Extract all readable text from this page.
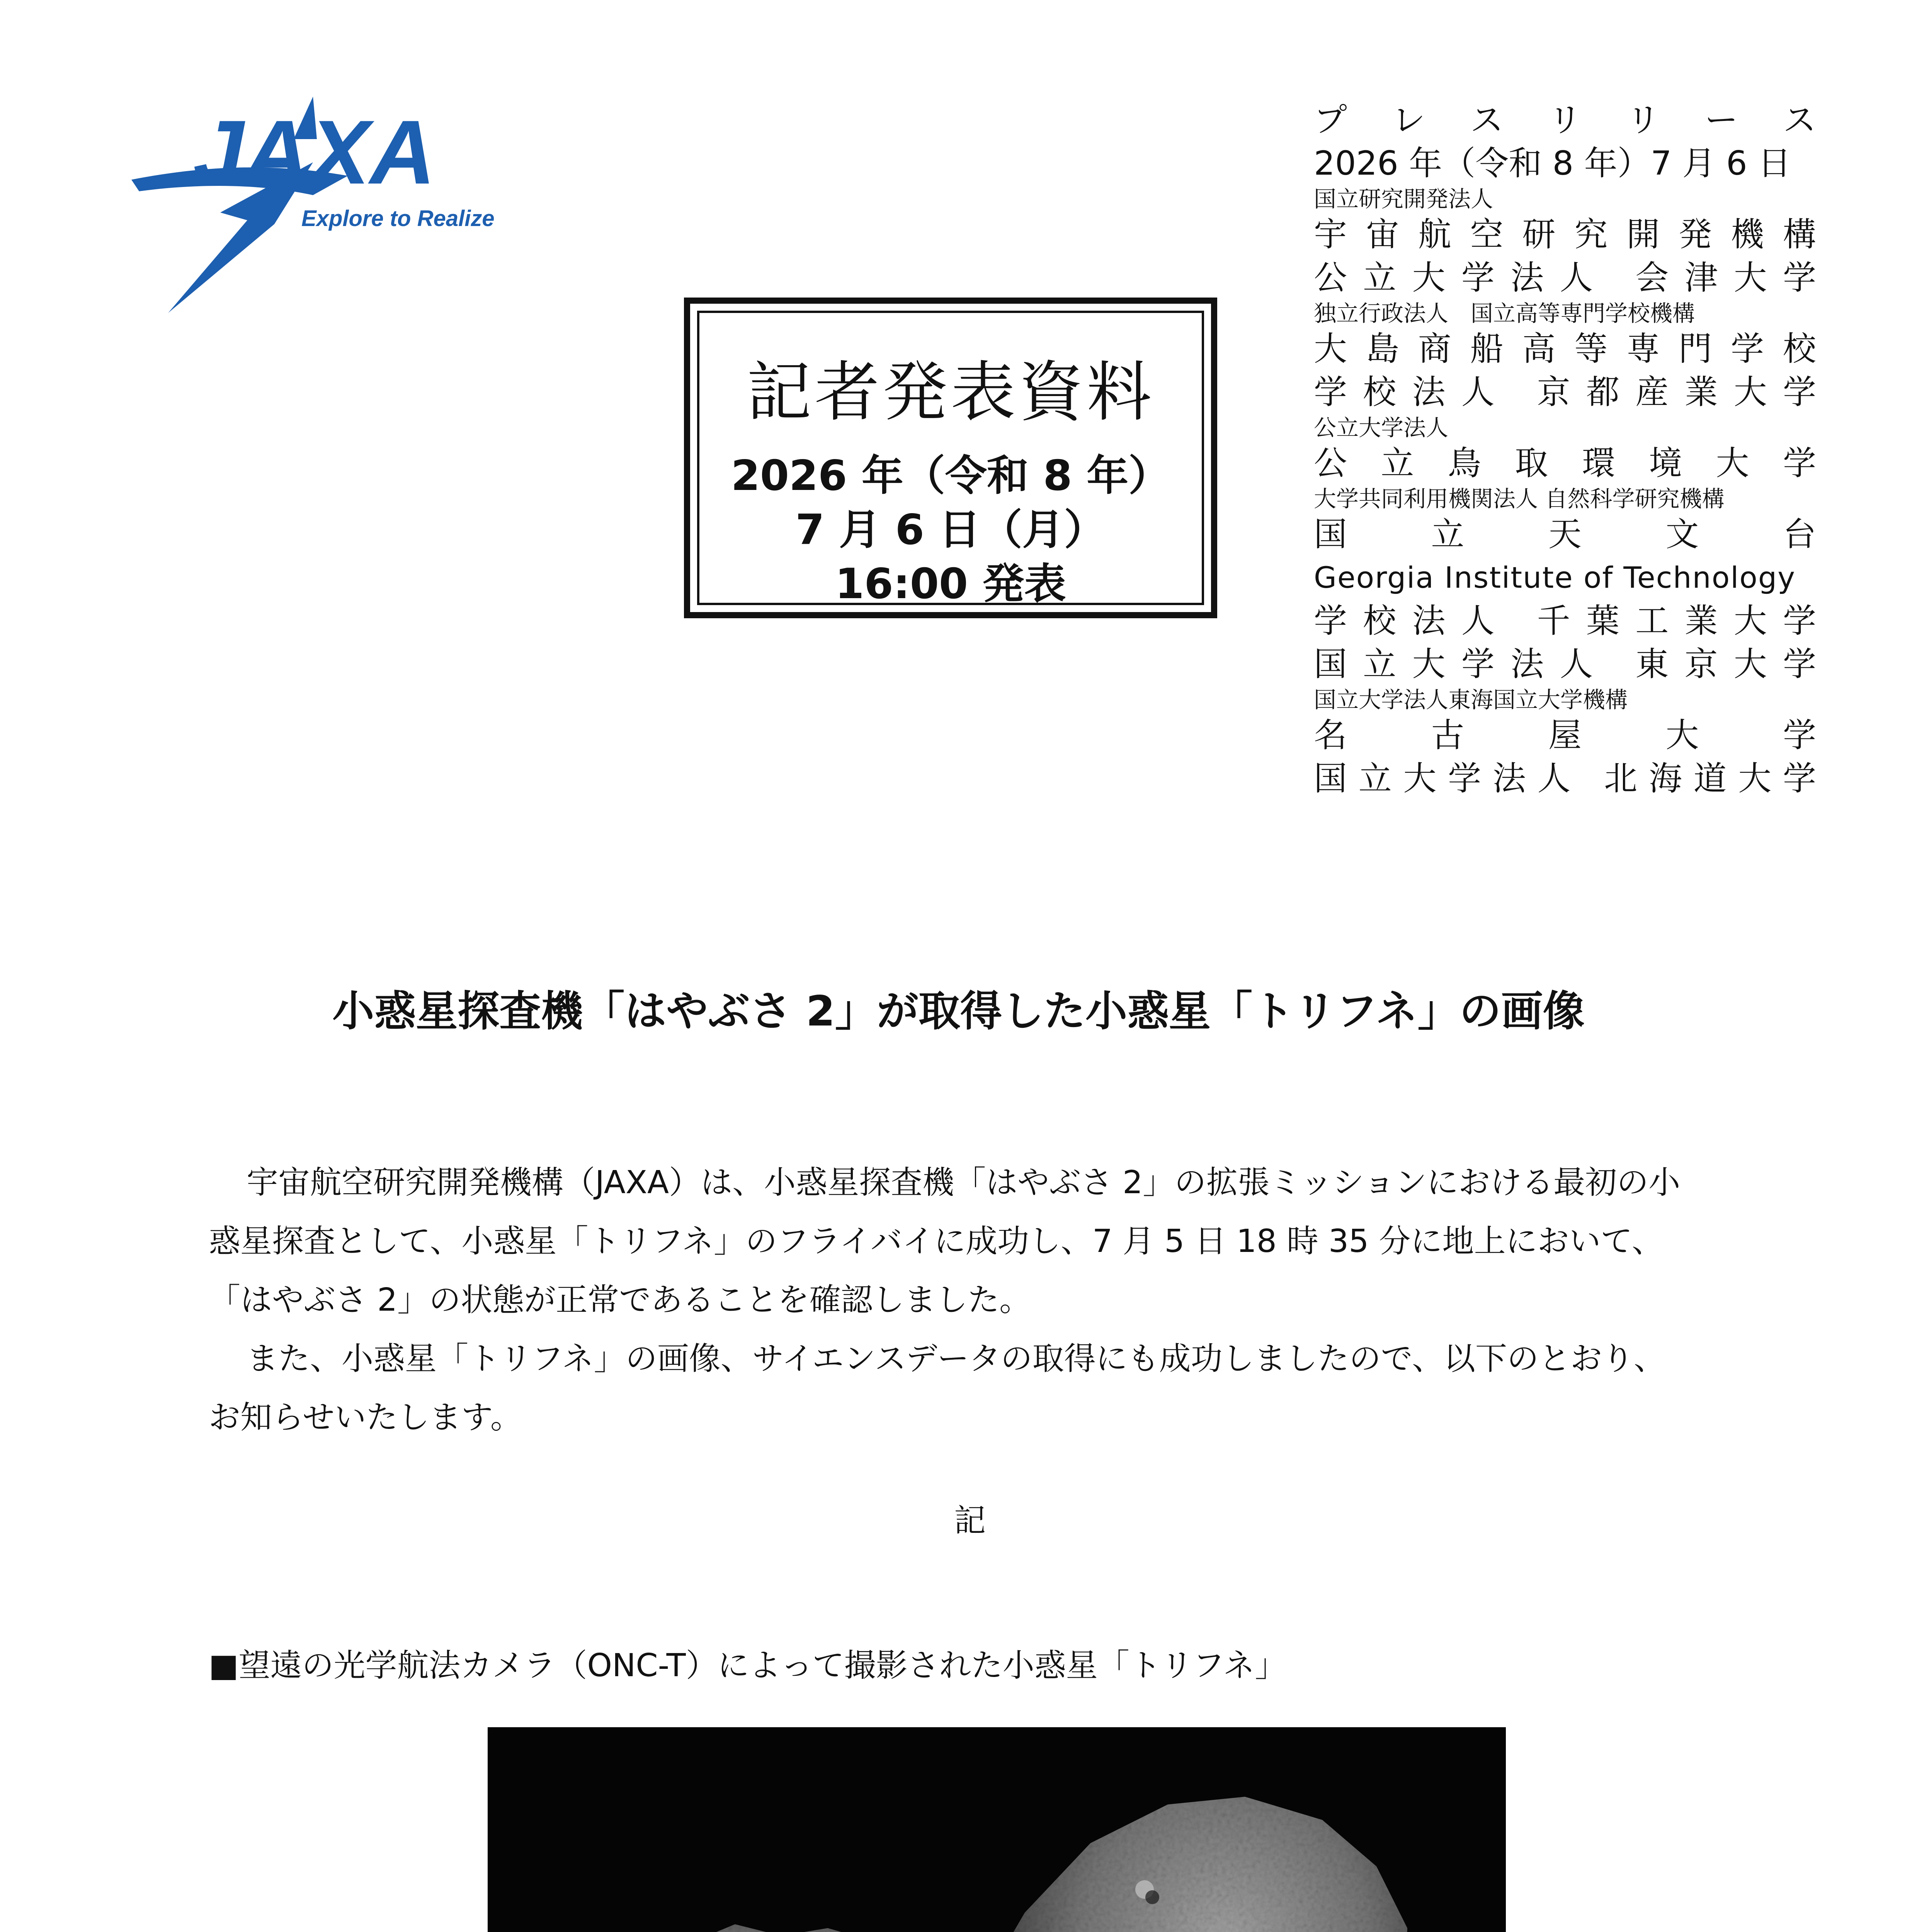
JAXA
Explore to Realize
記者発表資料
2026 年（令和 8 年）
7 月 6 日（月）
16:00 発表
プ レ ス リ リ ー ス
2026 年（令和 8 年）7 月 6 日
国立研究開発法人
宇 宙 航 空 研 究 開 発 機 構
公 立 大 学 法 人
会 津 大 学
独立行政法人　国立高等専門学校機構
大 島 商 船 高 等 専 門 学 校
学 校 法 人
京 都 産 業 大 学
公立大学法人
公 立 鳥 取 環 境 大 学
大学共同利用機関法人 自然科学研究機構
国	立	天	文	台
Georgia Institute of Technology
学 校 法 人
千 葉 工 業 大 学
国 立 大 学 法 人
東 京 大 学
国立大学法人東海国立大学機構
名	古	屋	大	学
国 立 大 学 法 人
北 海 道 大 学
小惑星探査機「はやぶさ 2」が取得した小惑星「トリフネ」の画像

宇宙航空研究開発機構（JAXA）は、小惑星探査機「はやぶさ 2」の拡張ミッションにおける最初の小惑星探査として、小惑星「トリフネ」のフライバイに成功し、7 月 5 日 18 時 35 分に地上において、「はやぶさ 2」の状態が正常であることを確認しました。

また、小惑星「トリフネ」の画像、サイエンスデータの取得にも成功しましたので、以下のとおり、お知らせいたします。

記
■望遠の光学航法カメラ（ONC-T）によって撮影された小惑星「トリフネ」
